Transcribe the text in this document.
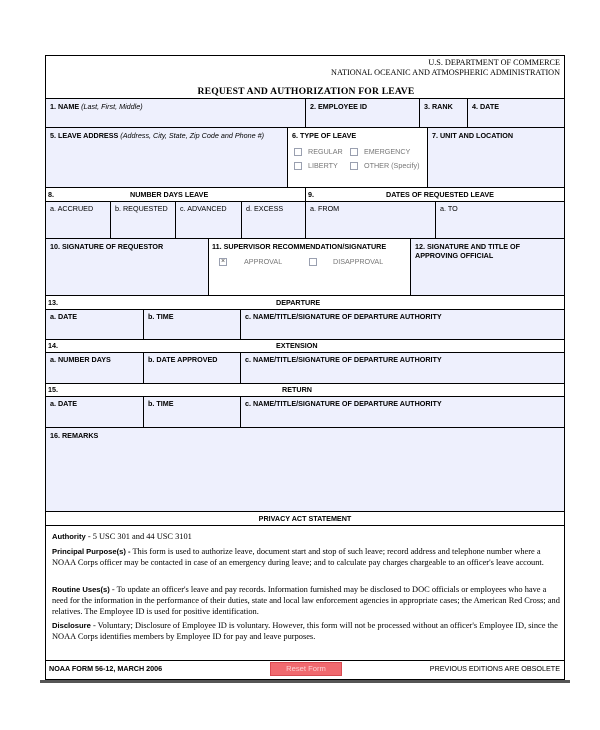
U.S. DEPARTMENT OF COMMERCE
NATIONAL OCEANIC AND ATMOSPHERIC ADMINISTRATION
REQUEST AND AUTHORIZATION FOR LEAVE
1. NAME (Last, First, Middle)	2. EMPLOYEE ID	3. RANK	4. DATE
5. LEAVE ADDRESS (Address, City, State, Zip Code and Phone #)	6. TYPE OF LEAVE
REGULAR	EMERGENCY
LIBERTY	OTHER (Specify)
7. UNIT AND LOCATION
8.	NUMBER DAYS LEAVE	9.	DATES OF REQUESTED LEAVE
a. ACCRUED	b. REQUESTED c. ADVANCED	d. EXCESS	a. FROM	a. TO
10. SIGNATURE OF REQUESTOR	11. SUPERVISOR RECOMMENDATION/SIGNATURE
×	APPROVAL	DISAPPROVAL
12. SIGNATURE AND TITLE OF
APPROVING OFFICIAL
13.	DEPARTURE
a. DATE	b. TIME	c. NAME/TITLE/SIGNATURE OF DEPARTURE AUTHORITY
14.	EXTENSION
a. NUMBER DAYS	b. DATE APPROVED	c. NAME/TITLE/SIGNATURE OF DEPARTURE AUTHORITY
15.	RETURN
a. DATE	b. TIME	c. NAME/TITLE/SIGNATURE OF DEPARTURE AUTHORITY
16. REMARKS
PRIVACY ACT STATEMENT
Authority - 5 USC 301 and 44 USC 3101
Principal Purpose(s) - This form is used to authorize leave, document start and stop of such leave; record address and telephone number where a NOAA Corps officer may be contacted in case of an emergency during leave; and to calculate pay charges chargeable to an officer's leave account.
Routine Uses(s) - To update an officer's leave and pay records. Information furnished may be disclosed to DOC officials or employees who have a need for the information in the performance of their duties, state and local law enforcement agencies in appropriate cases; the American Red Cross; and relatives. The Employee ID is used for positive identification.
Disclosure - Voluntary; Disclosure of Employee ID is voluntary. However, this form will not be processed without an officer's Employee ID, since the NOAA Corps identifies members by Employee ID for pay and leave purposes.
NOAA FORM 56-12, MARCH 2006	Reset Form	PREVIOUS EDITIONS ARE OBSOLETE
